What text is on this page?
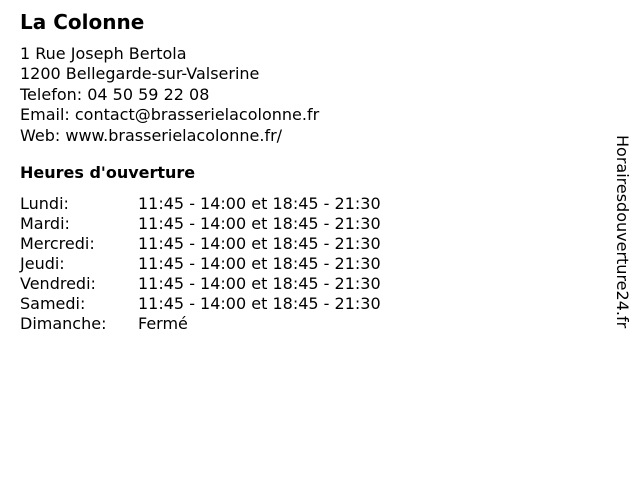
La Colonne
1 Rue Joseph Bertola
1200 Bellegarde-sur-Valserine
Telefon: 04 50 59 22 08
Email: contact@brasserielacolonne.fr
Web: www.brasserielacolonne.fr/
Heures d'ouverture
Lundi:	11:45 - 14:00 et 18:45 - 21:30
Mardi:	11:45 - 14:00 et 18:45 - 21:30
Mercredi:	11:45 - 14:00 et 18:45 - 21:30
Jeudi:	11:45 - 14:00 et 18:45 - 21:30
Vendredi:	11:45 - 14:00 et 18:45 - 21:30
Samedi:	11:45 - 14:00 et 18:45 - 21:30
Dimanche: Fermé	Horairesdouverture24.fr
